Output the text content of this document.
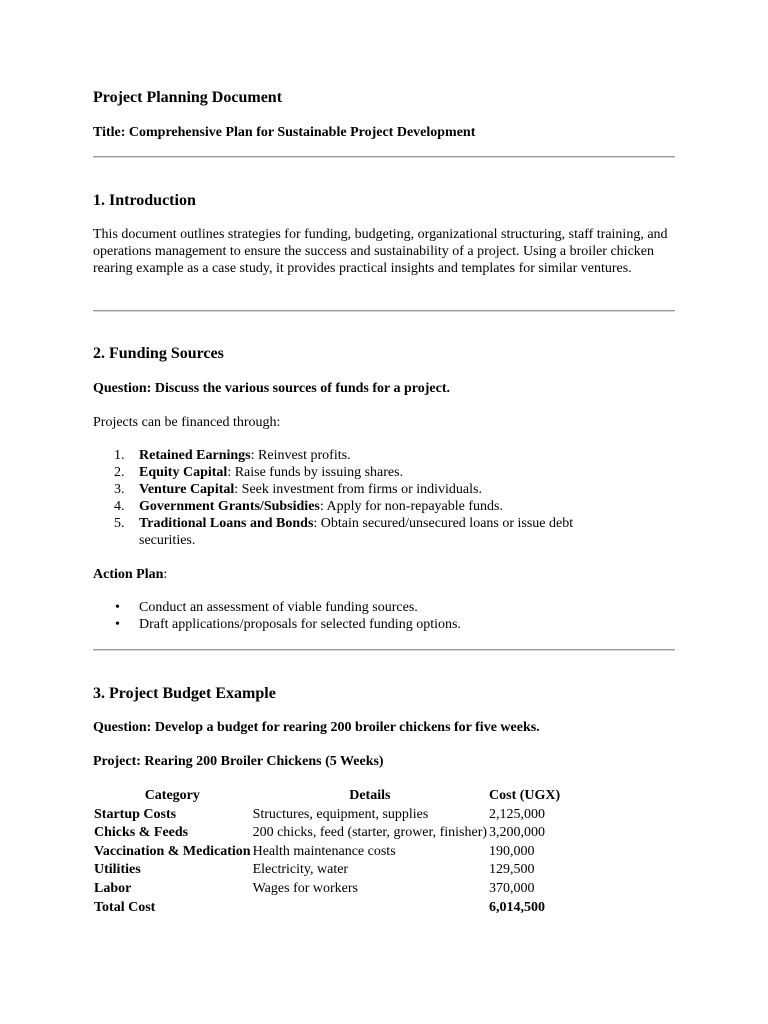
Project Planning Document

Title: Comprehensive Plan for Sustainable Project Development

1. Introduction

This document outlines strategies for funding, budgeting, organizational structuring, staff training, and operations management to ensure the success and sustainability of a project. Using a broiler chicken rearing example as a case study, it provides practical insights and templates for similar ventures.

2. Funding Sources

Question: Discuss the various sources of funds for a project.

Projects can be financed through:

1. Retained Earnings: Reinvest profits.
2. Equity Capital: Raise funds by issuing shares.
3. Venture Capital: Seek investment from firms or individuals.
4. Government Grants/Subsidies: Apply for non-repayable funds.
5. Traditional Loans and Bonds: Obtain secured/unsecured loans or issue debt securities.

Action Plan:

• Conduct an assessment of viable funding sources.
• Draft applications/proposals for selected funding options.
3. Project Budget Example

Question: Develop a budget for rearing 200 broiler chickens for five weeks.

Project: Rearing 200 Broiler Chickens (5 Weeks)

Category	Details	Cost (UGX)
Startup Costs	Structures, equipment, supplies	2,125,000
Chicks & Feeds	200 chicks, feed (starter, grower, finisher)	3,200,000
Vaccination & Medication	Health maintenance costs	190,000
Utilities	Electricity, water	129,500
Labor	Wages for workers	370,000
Total Cost		6,014,500
